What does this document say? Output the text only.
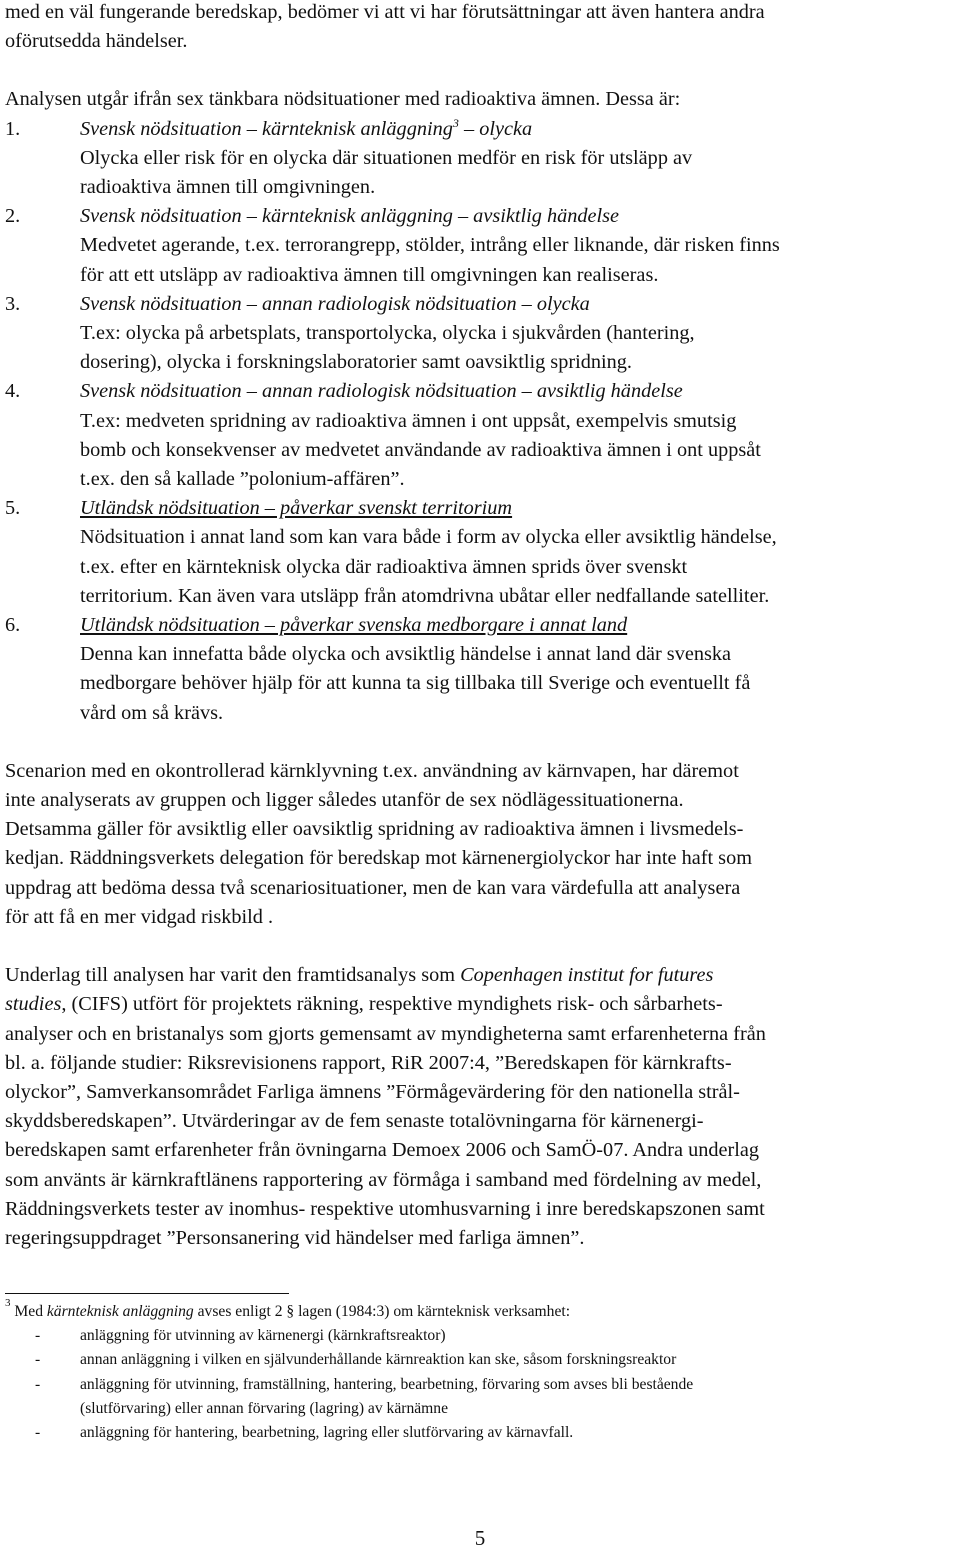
med en väl fungerande beredskap, bedömer vi att vi har förutsättningar att även hantera andra
oförutsedda händelser.
Analysen utgår ifrån sex tänkbara nödsituationer med radioaktiva ämnen. Dessa är:
1.	Svensk nödsituation – kärnteknisk anläggning$^3$ – olycka
Olycka eller risk för en olycka där situationen medför en risk för utsläpp av
radioaktiva ämnen till omgivningen.
2.	Svensk nödsituation – kärnteknisk anläggning – avsiktlig händelse
Medvetet agerande, t.ex. terrorangrepp, stölder, intrång eller liknande, där risken finns
för att ett utsläpp av radioaktiva ämnen till omgivningen kan realiseras.
3.	Svensk nödsituation – annan radiologisk nödsituation – olycka
T.ex: olycka på arbetsplats, transportolycka, olycka i sjukvården (hantering,
dosering), olycka i forskningslaboratorier samt oavsiktlig spridning.
4.	Svensk nödsituation – annan radiologisk nödsituation – avsiktlig händelse
T.ex: medveten spridning av radioaktiva ämnen i ont uppsåt, exempelvis smutsig
bomb och konsekvenser av medvetet användande av radioaktiva ämnen i ont uppsåt
t.ex. den så kallade ”polonium-affären”.
5.	Utländsk nödsituation – påverkar svenskt territorium
Nödsituation i annat land som kan vara både i form av olycka eller avsiktlig händelse,
t.ex. efter en kärnteknisk olycka där radioaktiva ämnen sprids över svenskt
territorium. Kan även vara utsläpp från atomdrivna ubåtar eller nedfallande satelliter.
6.	Utländsk nödsituation – påverkar svenska medborgare i annat land
Denna kan innefatta både olycka och avsiktlig händelse i annat land där svenska
medborgare behöver hjälp för att kunna ta sig tillbaka till Sverige och eventuellt få
vård om så krävs.
Scenarion med en okontrollerad kärnklyvning t.ex. användning av kärnvapen, har däremot
inte analyserats av gruppen och ligger således utanför de sex nödlägessituationerna.
Detsamma gäller för avsiktlig eller oavsiktlig spridning av radioaktiva ämnen i livsmedels-
kedjan. Räddningsverkets delegation för beredskap mot kärnenergiolyckor har inte haft som
uppdrag att bedöma dessa två scenariosituationer, men de kan vara värdefulla att analysera
för att få en mer vidgad riskbild .
Underlag till analysen har varit den framtidsanalys som Copenhagen institut for futures
studies, (CIFS) utfört för projektets räkning, respektive myndighets risk- och sårbarhets-
analyser och en bristanalys som gjorts gemensamt av myndigheterna samt erfarenheterna från
bl. a. följande studier: Riksrevisionens rapport, RiR 2007:4, ”Beredskapen för kärnkrafts-
olyckor”, Samverkansområdet Farliga ämnens ”Förmågevärdering för den nationella strål-
skyddsberedskapen”. Utvärderingar av de fem senaste totalövningarna för kärnenergi-
beredskapen samt erfarenheter från övningarna Demoex 2006 och SamÖ-07. Andra underlag
som använts är kärnkraftlänens rapportering av förmåga i samband med fördelning av medel,
Räddningsverkets tester av inomhus- respektive utomhusvarning i inre beredskapszonen samt
regeringsuppdraget ”Personsanering vid händelser med farliga ämnen”.
$^3$ Med kärnteknisk anläggning avses enligt 2 § lagen (1984:3) om kärnteknisk verksamhet:
-	anläggning för utvinning av kärnenergi (kärnkraftsreaktor)
-	annan anläggning i vilken en självunderhållande kärnreaktion kan ske, såsom forskningsreaktor
-	anläggning för utvinning, framställning, hantering, bearbetning, förvaring som avses bli bestående
(slutförvaring) eller annan förvaring (lagring) av kärnämne
-	anläggning för hantering, bearbetning, lagring eller slutförvaring av kärnavfall.
5
